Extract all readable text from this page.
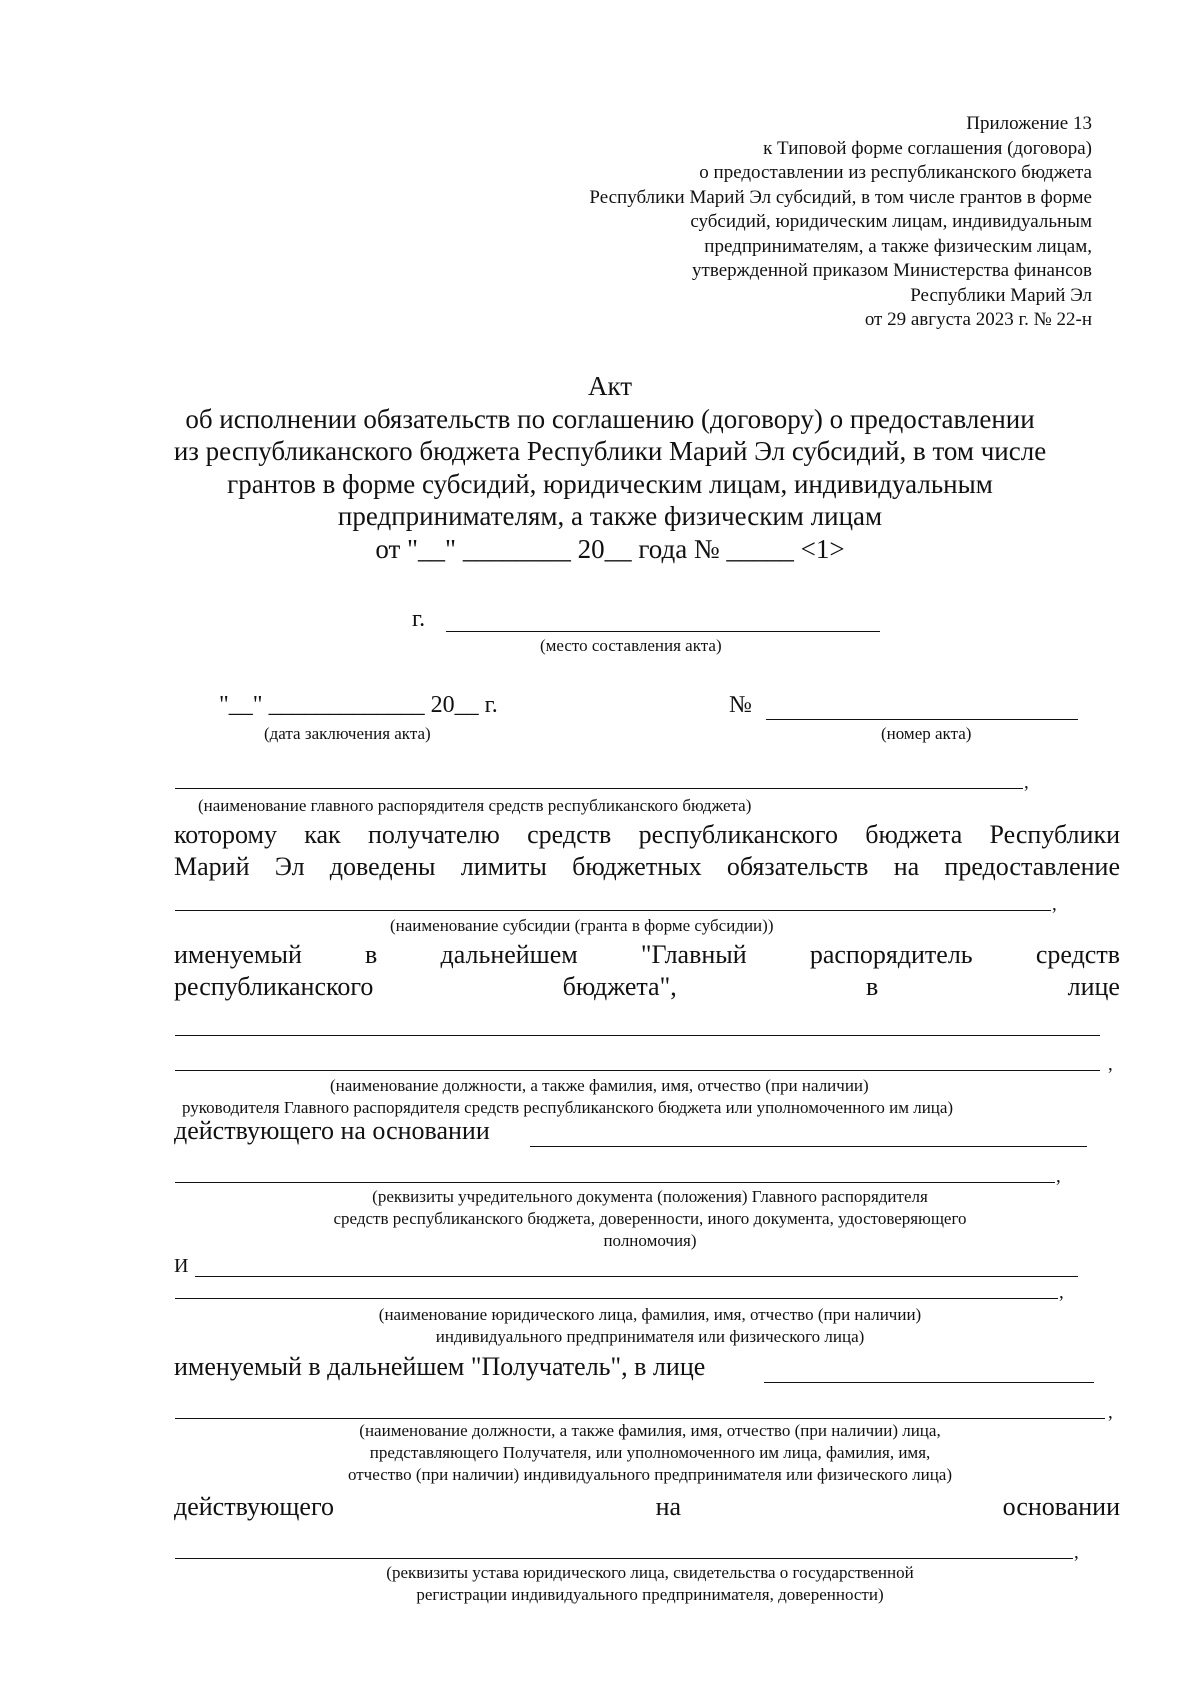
Приложение 13
к Типовой форме соглашения (договора)
о предоставлении из республиканского бюджета
Республики Марий Эл субсидий, в том числе грантов в форме
субсидий, юридическим лицам, индивидуальным
предпринимателям, а также физическим лицам,
утвержденной приказом Министерства финансов
Республики Марий Эл
от 29 августа 2023 г. № 22-н
Акт
об исполнении обязательств по соглашению (договору) о предоставлении
из республиканского бюджета Республики Марий Эл субсидий, в том числе
грантов в форме субсидий, юридическим лицам, индивидуальным
предпринимателям, а также физическим лицам
от "__" ________ 20__ года № _____ <1>
г.
(место составления акта)
"__" _____________ 20__ г.
(дата заключения акта)
№
(номер акта)
,
(наименование главного распорядителя средств республиканского бюджета)
которому как получателю средств республиканского бюджета Республики
Марий Эл доведены лимиты бюджетных обязательств на предоставление
,
(наименование субсидии (гранта в форме субсидии))
именуемый в дальнейшем "Главный распорядитель средств
республиканского	бюджета",	в	лице
,
(наименование должности, а также фамилия, имя, отчество (при наличии)
руководителя Главного распорядителя средств республиканского бюджета или уполномоченного им лица)
действующего на основании
,
(реквизиты учредительного документа (положения) Главного распорядителя
средств республиканского бюджета, доверенности, иного документа, удостоверяющего
полномочия)
И
,
(наименование юридического лица, фамилия, имя, отчество (при наличии)
индивидуального предпринимателя или физического лица)
именуемый в дальнейшем "Получатель", в лице
,
(наименование должности, а также фамилия, имя, отчество (при наличии) лица,
представляющего Получателя, или уполномоченного им лица, фамилия, имя,
отчество (при наличии) индивидуального предпринимателя или физического лица)
действующего	на	основании
,
(реквизиты устава юридического лица, свидетельства о государственной
регистрации индивидуального предпринимателя, доверенности)
